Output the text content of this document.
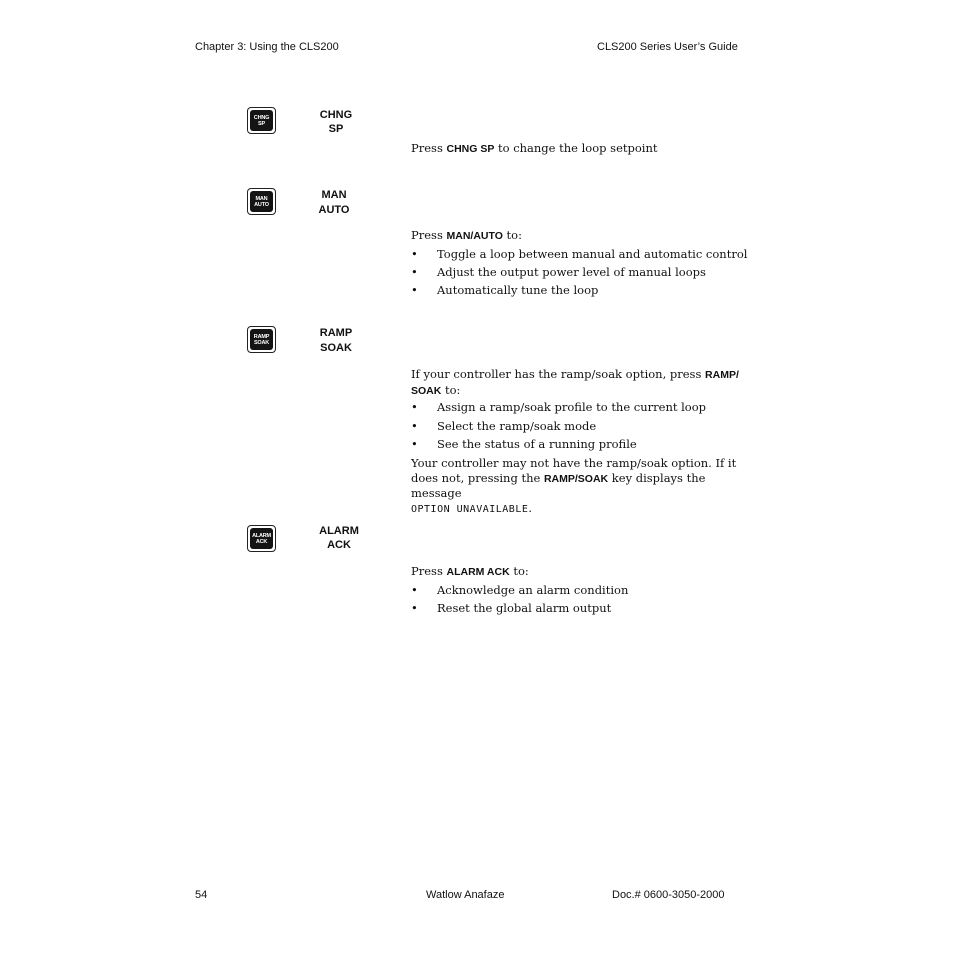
Chapter 3: Using the CLS200	CLS200 Series User’s Guide
CHNG
SP
CHNG
SP
Press CHNG SP to change the loop setpoint
MAN
AUTO
MAN
AUTO
Press MAN/AUTO to:
• Toggle a loop between manual and automatic control
• Adjust the output power level of manual loops
• Automatically tune the loop
RAMP
SOAK
RAMP
SOAK
If your controller has the ramp/soak option, press RAMP/
SOAK to:
• Assign a ramp/soak profile to the current loop
• Select the ramp/soak mode
• See the status of a running profile
Your controller may not have the ramp/soak option. If it
does not, pressing the RAMP/SOAK key displays the message
OPTION UNAVAILABLE.
ALARM
ACK
ALARM
ACK
Press ALARM ACK to:
• Acknowledge an alarm condition
• Reset the global alarm output
54	Watlow Anafaze	Doc.# 0600-3050-2000
